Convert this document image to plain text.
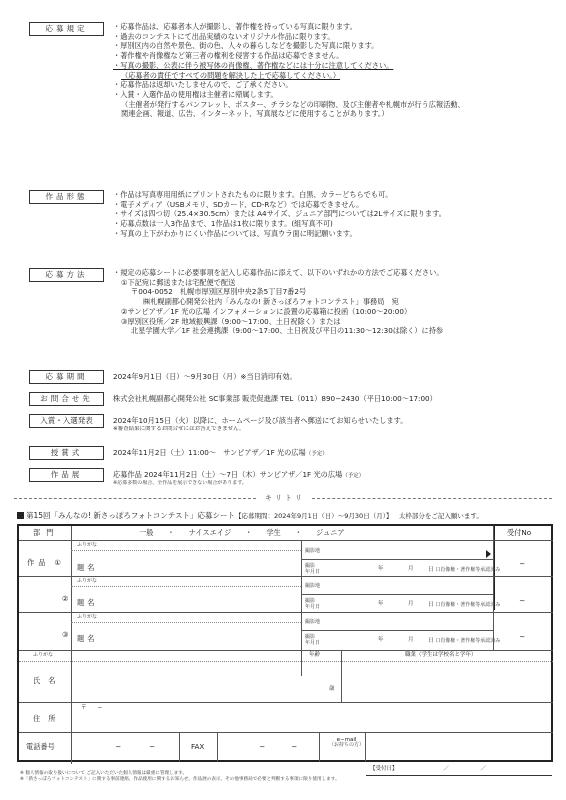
応募規定	・応募作品は、応募者本人が撮影し、著作権を持っている写真に限ります。
・過去のコンテストにて出品実績のないオリジナル作品に限ります。
・厚別区内の自然や景色、街の色、人々の暮らしなどを撮影した写真に限ります。
・著作権や肖像権など第三者の権利を侵害する作品は応募できません。
・写真の撮影、公表に伴う被写体の肖像権、著作権などには十分に注意してください。
（応募者の責任ですべての問題を解決した上で応募してください。）
・応募作品は返却いたしませんので、ご了承ください。
・入賞・入選作品の使用権は主催者に帰属します。
（主催者が発行するパンフレット、ポスター、チラシなどの印刷物、及び主催者や札幌市が行う広報活動、
関連企画、報道、広告、インターネット、写真展などに使用することがあります。）
作品形態	・作品は写真専用用紙にプリントされたものに限ります。白黒、カラーどちらでも可。
・電子メディア（USBメモリ、SDカード、CD-Rなど）では応募できません。
・サイズは四つ切（25.4×30.5cm）または A4サイズ、ジュニア部門については2Lサイズに限ります。
・応募点数は一人3作品まで、1作品は1枚に限ります。(組写真不可)
・写真の上下がわかりにくい作品については、写真ウラ面に明記願います。
応募方法	・規定の応募シートに必要事項を記入し応募作品に添えて、以下のいずれかの方法でご応募ください。
①下記宛に郵送または宅配便で配送
〒004-0052　札幌市厚別区厚別中央2条5丁目7番2号
㈱札幌副都心開発公社内「みんなの! 新さっぽろフォトコンテスト」事務局　宛
②サンピアザ／1F 光の広場 インフォメーションに設置の応募箱に投函（10:00〜20:00）
③厚別区役所／2F 地域振興課（9:00〜17:00、土日祝除く）または
北星学園大学／1F 社会連携課（9:00〜17:00、土日祝及び平日の11:30〜12:30は除く）に持参
応募期間	2024年9月1日（日）〜9月30日（月）※当日消印有効。
お問合せ先	株式会社札幌副都心開発公社 SC事業部 販売促進課 TEL（011）890−2430（平日10:00〜17:00）
入賞・入選発表	2024年10月15日（火）以降に、ホームページ及び該当者へ郵送にてお知らせいたします。
※審査結果に関するお問合せにはお答えできません。
授賞式	2024年11月2日（土）11:00〜　サンピアザ／1F 光の広場（予定）
作品展	応募作品 2024年11月2日（土）〜7日（木）サンピアザ／1F 光の広場（予定）
※応募多数の場合、全作品を展示できない場合があります。
キリトリ
第15回「みんなの! 新さっぽろフォトコンテスト」応募シート【応募期間：2024年9月1日（日）〜9月30日（月）】 太枠部分をご記入願います。
部門	一般 ・ ナイスエイジ ・ 学生 ・ ジュニア	受付No
作品 ①
ふりがな
題名
撮影地
撮影
年月日	年	月	日 口肖像権・著作権等承認済み
−
②
ふりがな
題名
撮影地
撮影
年月日	年	月	日 口肖像権・著作権等承認済み	−
③
ふりがな
題名
撮影地
撮影
年月日	年	月	日 口肖像権・著作権等承認済み	−
ふりがな	年齢	職業（学生は学校名と学年）
氏名
歳
〒　　−
住所
電話番号	−	−	FAX	−	−
e−mail
（お持ちの方）
【受付日】	／	／
※ 個人情報の取り扱いについて ご記入いただいた個人情報は厳重に管理します。
※「新さっぽろフォトコンテスト」に関する事前連絡、作品使用に関するお知らせ、作品展の表示、その他事務局で必要と判断する事項に限り使用します。
